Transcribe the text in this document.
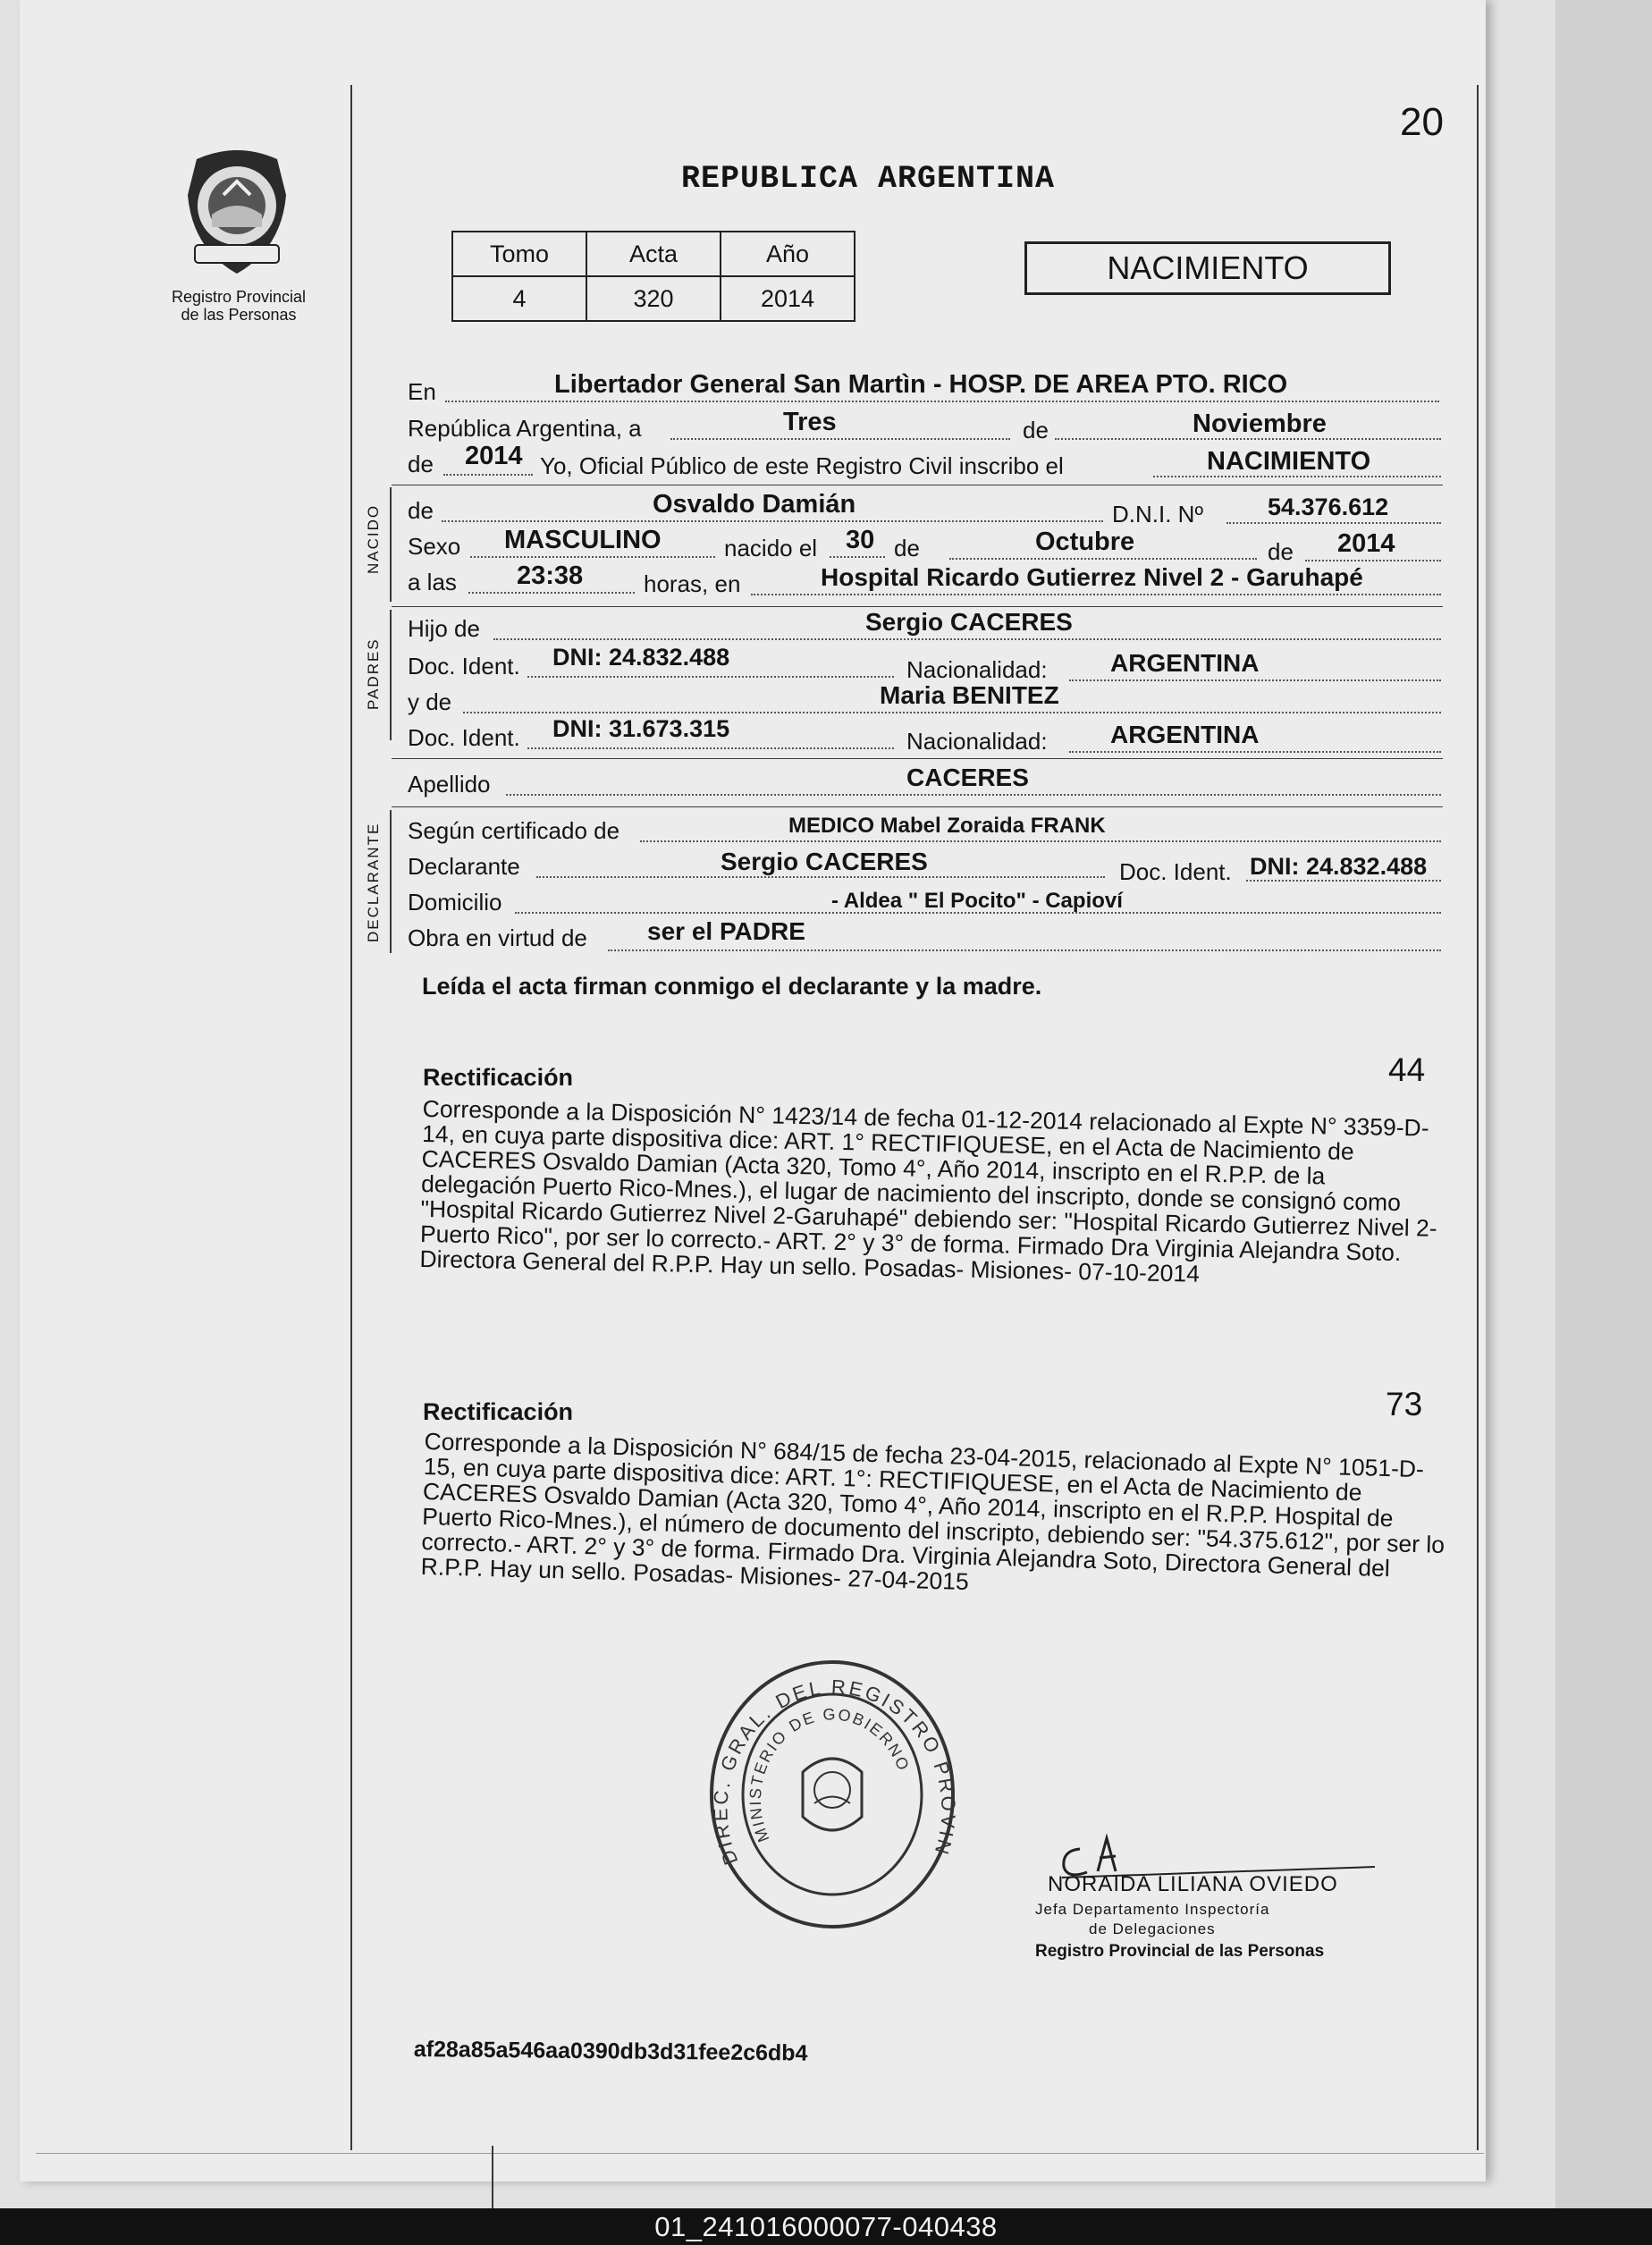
Registro Provincial
de las Personas
20
REPUBLICA ARGENTINA
Tomo	Acta	Año
4	320	2014
NACIMIENTO
En	Libertador General San Martìn - HOSP. DE AREA PTO. RICO
República Argentina, a	Tres	de	Noviembre
de 2014 Yo, Oficial Público de este Registro Civil inscribo el	NACIMIENTO
NACIDO de	Osvaldo Damián	D.N.I. Nº	54.376.612
Sexo MASCULINO	nacido el 30 de	Octubre	de 2014
a las 23:38	horas, en	Hospital Ricardo Gutierrez Nivel 2 - Garuhapé
PADRES
Hijo de	Sergio CACERES
Doc. Ident. DNI: 24.832.488	Nacionalidad:	ARGENTINA
y de	Maria BENITEZ
Doc. Ident. DNI: 31.673.315	Nacionalidad:	ARGENTINA
Apellido	CACERES
DECLARANTE Según certificado de	MEDICO Mabel Zoraida FRANK
Declarante	Sergio CACERES	Doc. Ident. DNI: 24.832.488
Domicilio	- Aldea " El Pocito" - Capioví
Obra en virtud de ser el PADRE
Leída el acta firman conmigo el declarante y la madre.
Rectificación	44
Corresponde a la Disposición N° 1423/14 de fecha 01-12-2014 relacionado al Expte N° 3359-D-14, en cuya parte dispositiva dice: ART. 1° RECTIFIQUESE, en el Acta de Nacimiento de CACERES Osvaldo Damian (Acta 320, Tomo 4°, Año 2014, inscripto en el R.P.P. de la delegación Puerto Rico-Mnes.), el lugar de nacimiento del inscripto, donde se consignó como "Hospital Ricardo Gutierrez Nivel 2-Garuhapé" debiendo ser: "Hospital Ricardo Gutierrez Nivel 2-Puerto Rico", por ser lo correcto.- ART. 2° y 3° de forma. Firmado Dra Virginia Alejandra Soto. Directora General del R.P.P. Hay un sello. Posadas- Misiones- 07-10-2014
Rectificación	73
Corresponde a la Disposición N° 684/15 de fecha 23-04-2015, relacionado al Expte N° 1051-D-15, en cuya parte dispositiva dice: ART. 1°: RECTIFIQUESE, en el Acta de Nacimiento de CACERES Osvaldo Damian (Acta 320, Tomo 4°, Año 2014, inscripto en el R.P.P. Hospital de Puerto Rico-Mnes.), el número de documento del inscripto, debiendo ser: "54.375.612", por ser lo correcto.- ART. 2° y 3° de forma. Firmado Dra. Virginia Alejandra Soto, Directora General del R.P.P. Hay un sello. Posadas- Misiones- 27-04-2015
DIREC. GRAL. DEL REGISTRO PROVIN
MINISTERIO DE GOBIERNO
NORAIDA LILIANA OVIEDO
Jefa Departamento Inspectoría
de Delegaciones
Registro Provincial de las Personas
af28a85a546aa0390db3d31fee2c6db4
01_241016000077-040438
